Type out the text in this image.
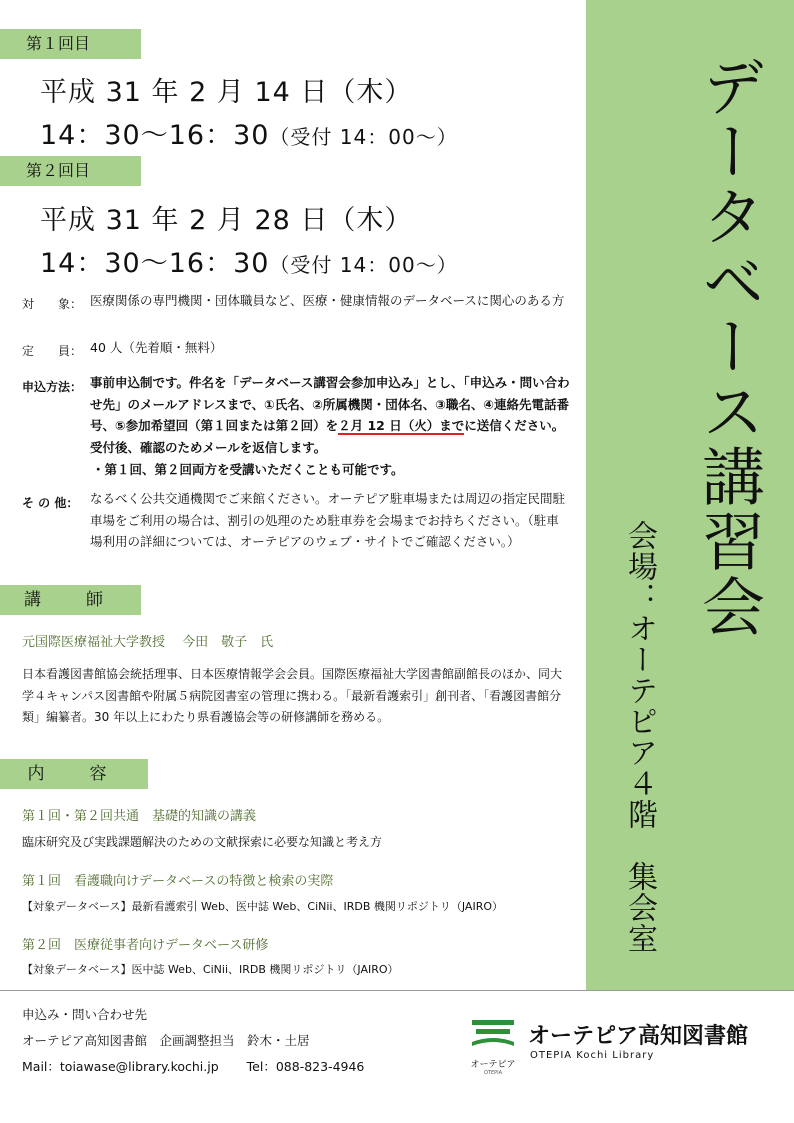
データベース講習会
会場：オーテピア４階　集会室
第１回目
平成 31 年 2 月 14 日（木）
14：30〜16：30（受付 14：00〜）
第２回目
平成 31 年 2 月 28 日（木）
14：30〜16：30（受付 14：00〜）
対　　象： 医療関係の専門機関・団体職員など、医療・健康情報のデータベースに関心のある方
定　　員： 40 人（先着順・無料）
申込方法： 事前申込制です。件名を「データベース講習会参加申込み」とし、「申込み・問い合わせ先」のメールアドレスまで、①氏名、②所属機関・団体名、③職名、④連絡先電話番号、⑤参加希望回（第１回または第２回）を２月 12 日（火）までに送信ください。受付後、確認のためメールを返信します。
・第１回、第２回両方を受講いただくことも可能です。
そ の 他： なるべく公共交通機関でご来館ください。オーテピア駐車場または周辺の指定民間駐車場をご利用の場合は、割引の処理のため駐車券を会場までお持ちください。（駐車場利用の詳細については、オーテピアのウェブ・サイトでご確認ください。）
講　師
元国際医療福祉大学教授　 今田　敬子　氏
日本看護図書館協会統括理事、日本医療情報学会会員。国際医療福祉大学図書館副館長のほか、同大学４キャンパス図書館や附属５病院図書室の管理に携わる。「最新看護索引」創刊者、「看護図書館分類」編纂者。30 年以上にわたり県看護協会等の研修講師を務める。
内　容
第１回・第２回共通　基礎的知識の講義
臨床研究及び実践課題解決のための文献探索に必要な知識と考え方
第１回　看護職向けデータベースの特徴と検索の実際
【対象データベース】最新看護索引 Web、医中誌 Web、CiNii、IRDB 機関リポジトリ（JAIRO）
第２回　医療従事者向けデータベース研修
【対象データベース】医中誌 Web、CiNii、IRDB 機関リポジトリ（JAIRO）
申込み・問い合わせ先
オーテピア高知図書館　企画調整担当　鈴木・土居
Mail：toiawase@library.kochi.jp Tel：088-823-4946	オーテピア
OTEPIA
オーテピア高知図書館
OTEPIA Kochi Library
